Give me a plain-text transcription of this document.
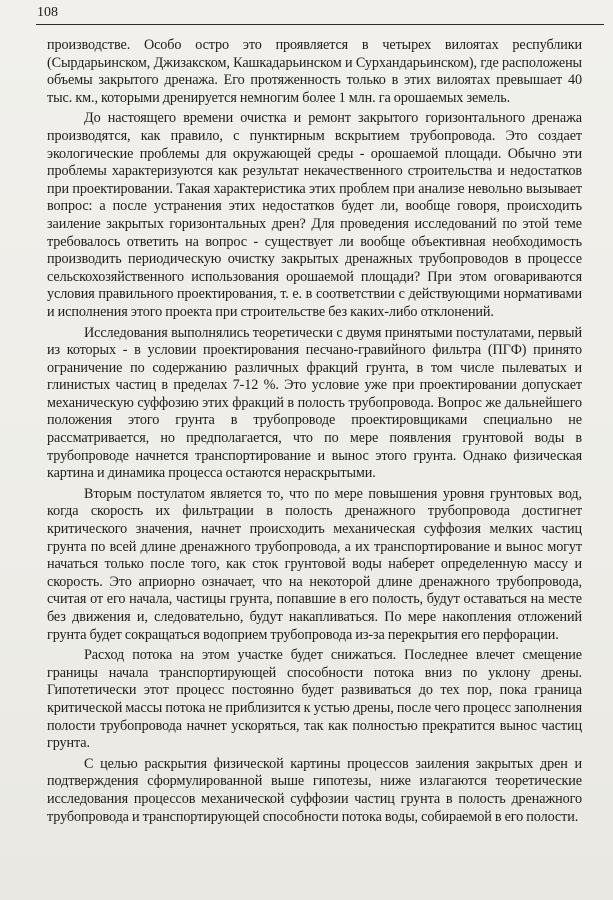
108

производстве. Особо остро это проявляется в четырех вилоятах республики (Сырдарьинском, Джизакском, Кашкадарьинском и Сурхандарьинском), где расположены объемы закрытого дренажа. Его протяженность только в этих вилоятах превышает 40 тыс. км., которыми дренируется немногим более 1 млн. га орошаемых земель.

До настоящего времени очистка и ремонт закрытого горизонтального дренажа производятся, как правило, с пунктирным вскрытием трубопровода. Это создает экологические проблемы для окружающей среды - орошаемой площади. Обычно эти проблемы характеризуются как результат некачественного строительства и недостатков при проектировании. Такая характеристика этих проблем при анализе невольно вызывает вопрос: а после устранения этих недостатков будет ли, вообще говоря, происходить заиление закрытых горизонтальных дрен? Для проведения исследований по этой теме требовалось ответить на вопрос - существует ли вообще объективная необходимость производить периодическую очистку закрытых дренажных трубопроводов в процессе сельскохозяйственного использования орошаемой площади? При этом оговариваются условия правильного проектирования, т. е. в соответствии с действующими нормативами и исполнения этого проекта при строительстве без каких-либо отклонений.

Исследования выполнялись теоретически с двумя принятыми постулатами, первый из которых - в условии проектирования песчано-гравийного фильтра (ПГФ) принято ограничение по содержанию различных фракций грунта, в том числе пылеватых и глинистых частиц в пределах 7-12 %. Это условие уже при проектировании допускает механическую суффозию этих фракций в полость трубопровода. Вопрос же дальнейшего положения этого грунта в трубопроводе проектировщиками специально не рассматривается, но предполагается, что по мере появления грунтовой воды в трубопроводе начнется транспортирование и вынос этого грунта. Однако физическая картина и динамика процесса остаются нераскрытыми.

Вторым постулатом является то, что по мере повышения уровня грунтовых вод, когда скорость их фильтрации в полость дренажного трубопровода достигнет критического значения, начнет происходить механическая суффозия мелких частиц грунта по всей длине дренажного трубопровода, а их транспортирование и вынос могут начаться только после того, как сток грунтовой воды наберет определенную массу и скорость. Это априорно означает, что на некоторой длине дренажного трубопровода, считая от его начала, частицы грунта, попавшие в его полость, будут оставаться на месте без движения и, следовательно, будут накапливаться. По мере накопления отложений грунта будет сокращаться водоприем трубопровода из-за перекрытия его перфорации.

Расход потока на этом участке будет снижаться. Последнее влечет смещение границы начала транспортирующей способности потока вниз по уклону дрены. Гипотетически этот процесс постоянно будет развиваться до тех пор, пока граница критической массы потока не приблизится к устью дрены, после чего процесс заполнения полости трубопровода начнет ускоряться, так как полностью прекратится вынос частиц грунта.

С целью раскрытия физической картины процессов заиления закрытых дрен и подтверждения сформулированной выше гипотезы, ниже излагаются теоретические исследования процессов механической суффозии частиц грунта в полость дренажного трубопровода и транспортирующей способности потока воды, собираемой в его полости.
